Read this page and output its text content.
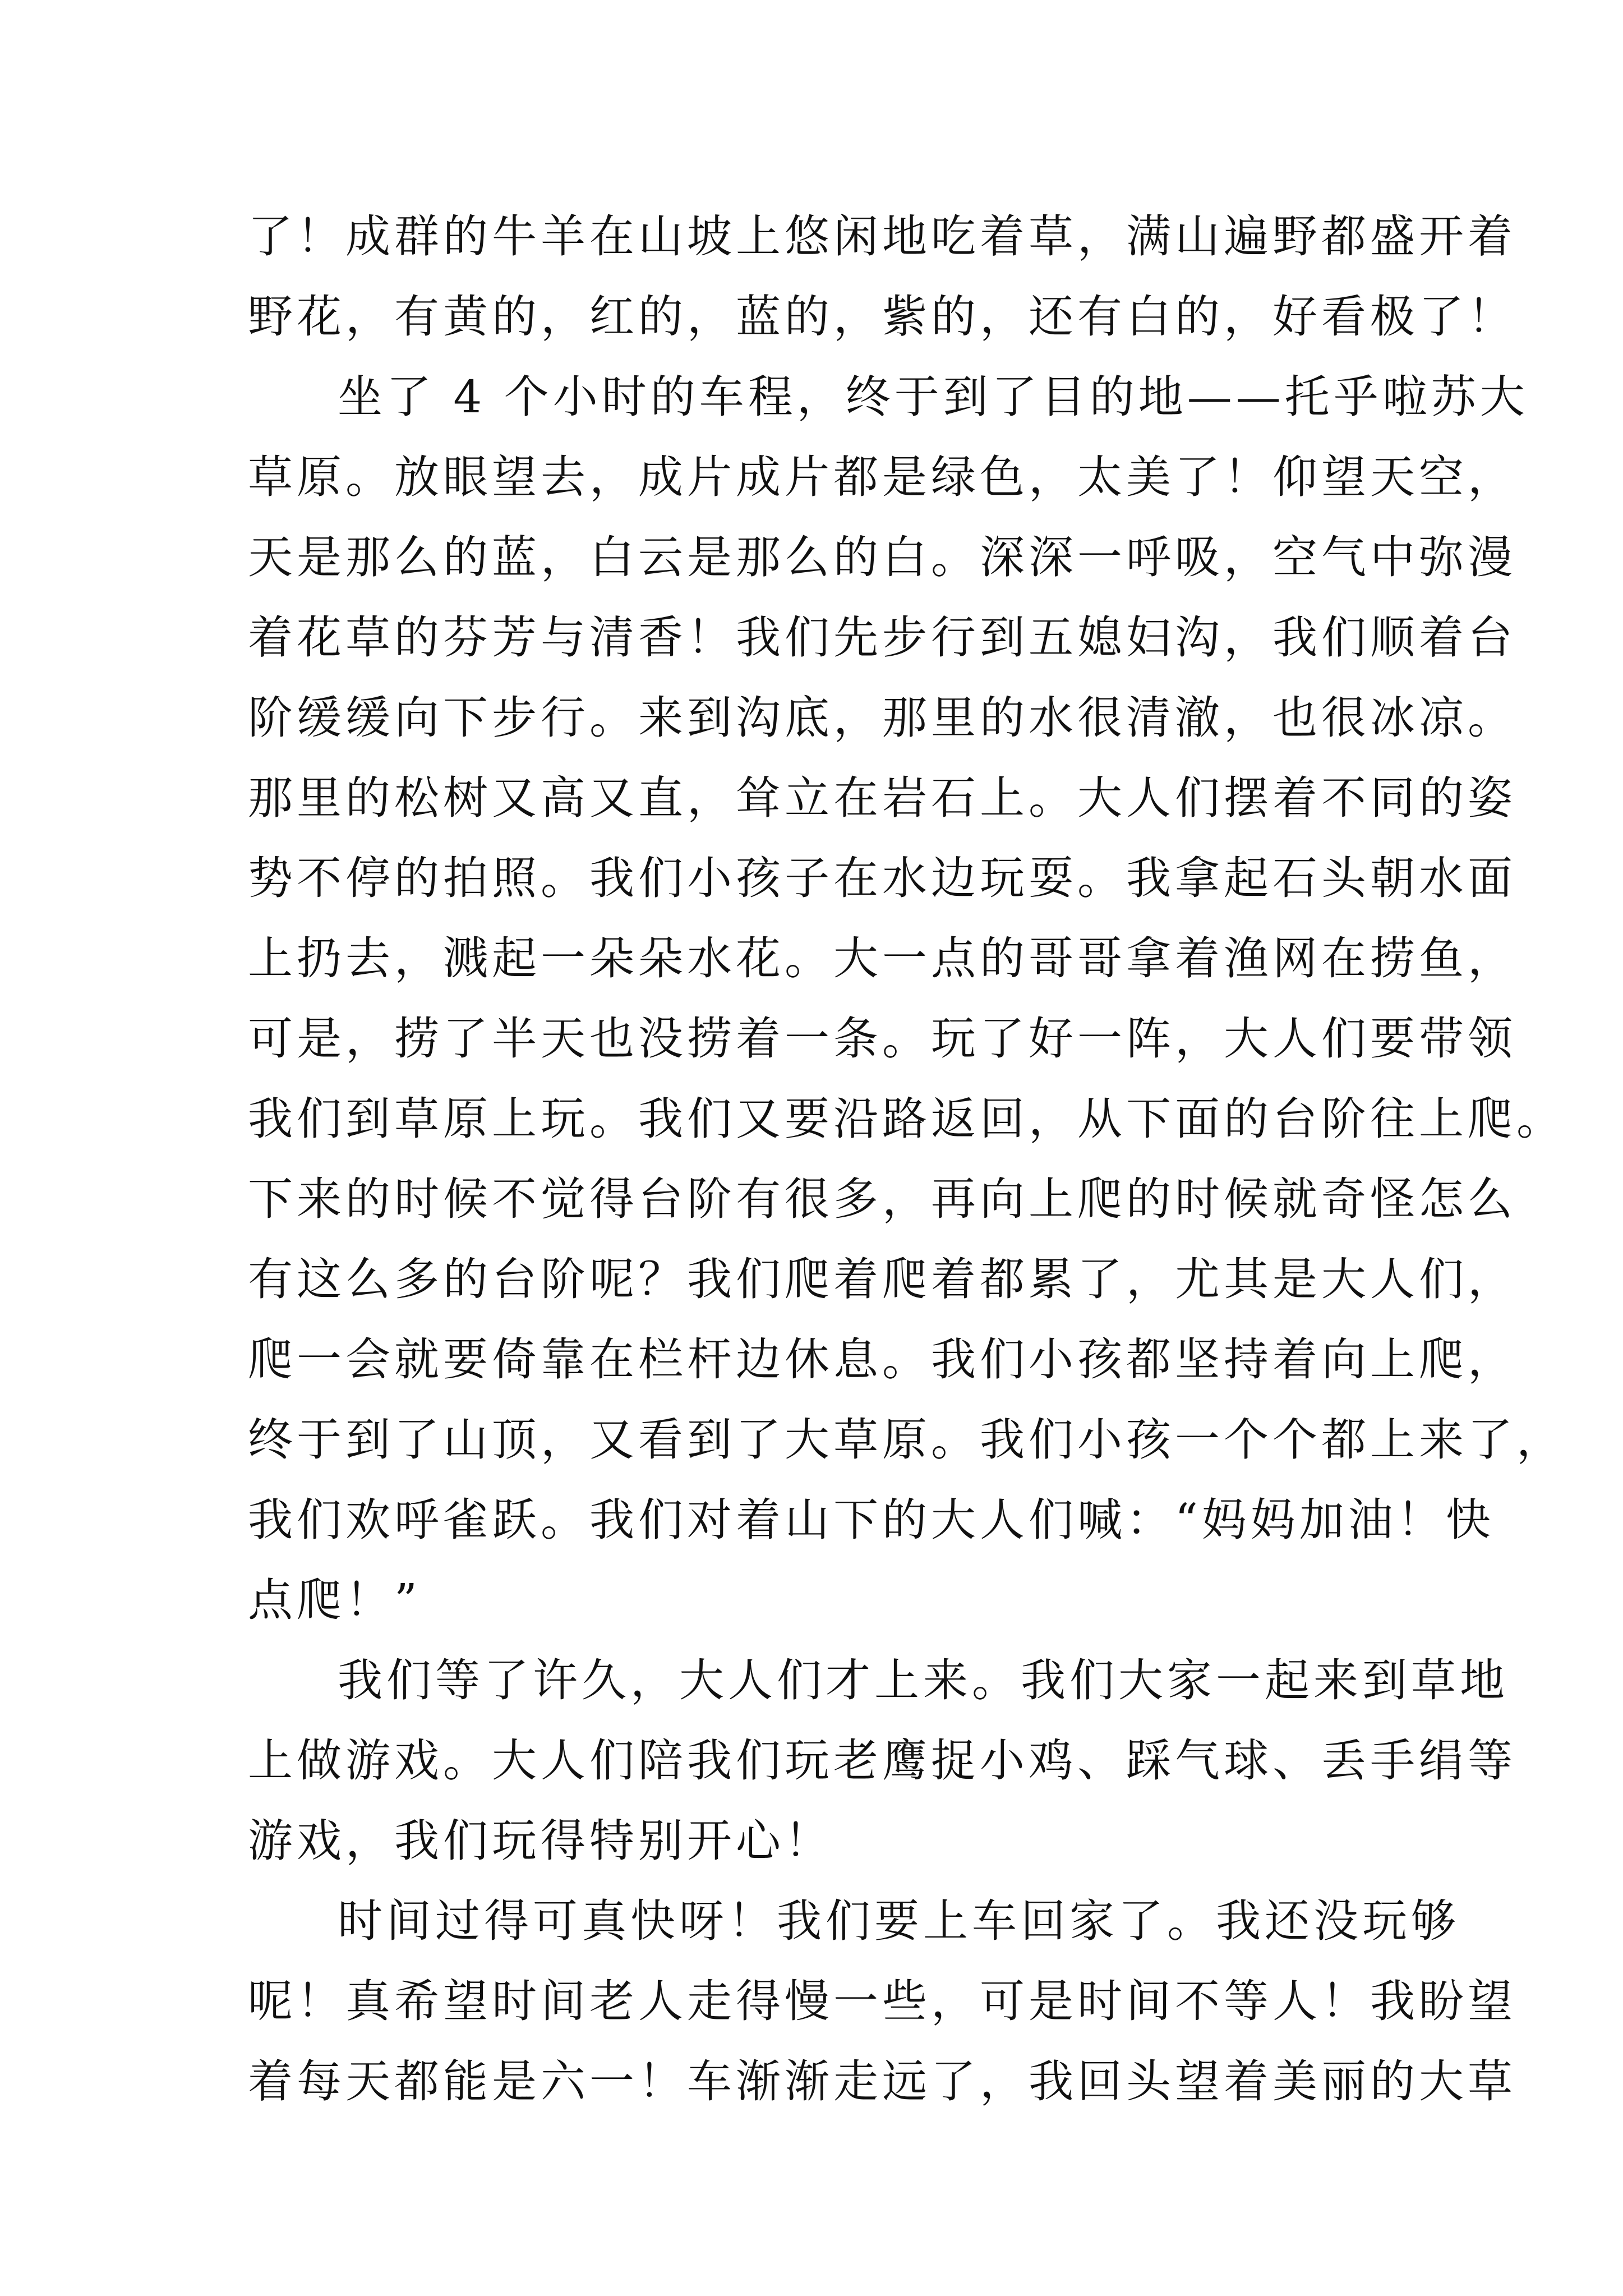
了！成群的牛羊在山坡上悠闲地吃着草，满山遍野都盛开着
野花，有黄的，红的，蓝的，紫的，还有白的，好看极了！
坐了 4 个小时的车程，终于到了目的地——托乎啦苏大
草原。放眼望去，成片成片都是绿色，太美了！仰望天空，
天是那么的蓝，白云是那么的白。深深一呼吸，空气中弥漫
着花草的芬芳与清香！我们先步行到五媳妇沟，我们顺着台
阶缓缓向下步行。来到沟底，那里的水很清澈，也很冰凉。
那里的松树又高又直，耸立在岩石上。大人们摆着不同的姿
势不停的拍照。我们小孩子在水边玩耍。我拿起石头朝水面
上扔去，溅起一朵朵水花。大一点的哥哥拿着渔网在捞鱼，
可是，捞了半天也没捞着一条。玩了好一阵，大人们要带领
我们到草原上玩。我们又要沿路返回，从下面的台阶往上爬。
下来的时候不觉得台阶有很多，再向上爬的时候就奇怪怎么
有这么多的台阶呢？我们爬着爬着都累了，尤其是大人们，
爬一会就要倚靠在栏杆边休息。我们小孩都坚持着向上爬，
终于到了山顶，又看到了大草原。我们小孩一个个都上来了，
我们欢呼雀跃。我们对着山下的大人们喊：“妈妈加油！快
点爬！”
我们等了许久，大人们才上来。我们大家一起来到草地
上做游戏。大人们陪我们玩老鹰捉小鸡、踩气球、丢手绢等
游戏，我们玩得特别开心！
时间过得可真快呀！我们要上车回家了。我还没玩够
呢！真希望时间老人走得慢一些，可是时间不等人！我盼望
着每天都能是六一！车渐渐走远了，我回头望着美丽的大草
